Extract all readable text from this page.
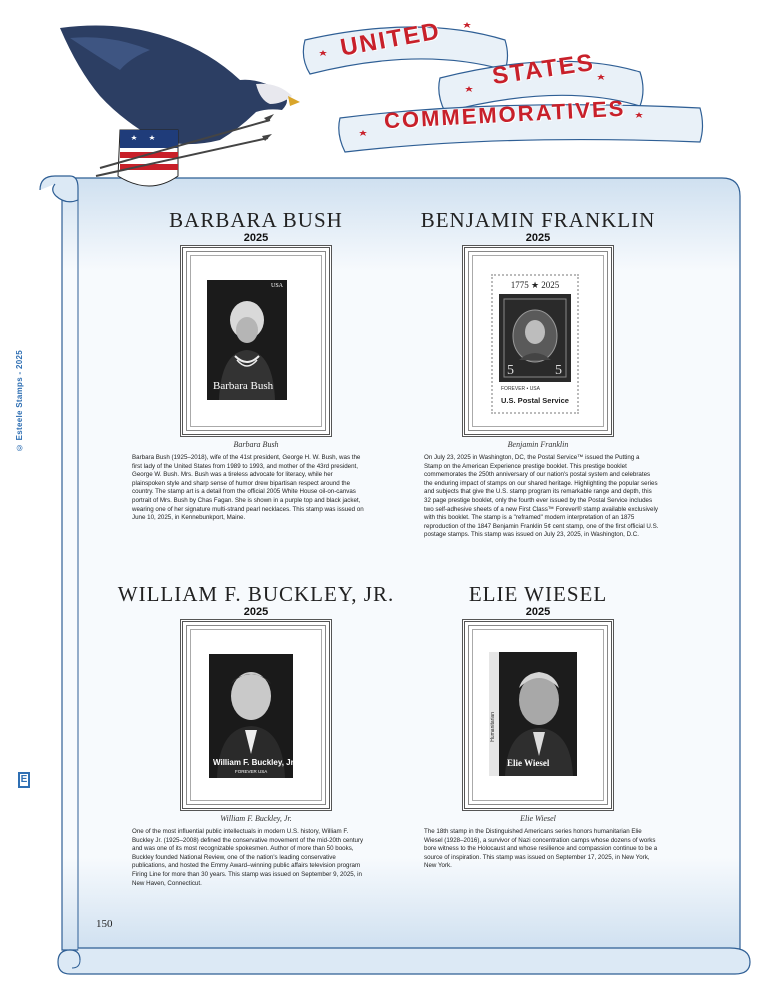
UNITED
STATES
COMMEMORATIVES
© Esteele Stamps - 2025
E
BARBARA BUSH
2025
Barbara Bush
USA
Barbara Bush
Barbara Bush (1925–2018), wife of the 41st president, George H. W. Bush, was the first lady of the United States from 1989 to 1993, and mother of the 43rd president, George W. Bush. Mrs. Bush was a tireless advocate for literacy, while her plainspoken style and sharp sense of humor drew bipartisan respect around the country. The stamp art is a detail from the official 2005 White House oil-on-canvas portrait of Mrs. Bush by Chas Fagan. She is shown in a purple top and black jacket, wearing one of her signature multi-strand pearl necklaces. This stamp was issued on June 10, 2025, in Kennebunkport, Maine.
BENJAMIN FRANKLIN
2025
1775 ★ 2025
5	5
FOREVER • USA
U.S. Postal Service
Benjamin Franklin
On July 23, 2025 in Washington, DC, the Postal Service™ issued the Putting a Stamp on the American Experience prestige booklet. This prestige booklet commemorates the 250th anniversary of our nation's postal system and celebrates the enduring impact of stamps on our shared heritage. Highlighting the popular series and subjects that give the U.S. stamp program its remarkable range and depth, this 32 page prestige booklet, only the fourth ever issued by the Postal Service includes two self-adhesive sheets of a new First Class™ Forever® stamp available exclusively with this booklet. The stamp is a "reframed" modern interpretation of an 1875 reproduction of the 1847 Benjamin Franklin 5¢ cent stamp, one of the first official U.S. postage stamps. This stamp was issued on July 23, 2025, in Washington, D.C.
WILLIAM F. BUCKLEY, JR.
2025
William F. Buckley, Jr.
FOREVER USA
William F. Buckley, Jr.
One of the most influential public intellectuals in modern U.S. history, William F. Buckley Jr. (1925–2008) defined the conservative movement of the mid-20th century and was one of its most recognizable spokesmen. Author of more than 50 books, Buckley founded National Review, one of the nation's leading conservative publications, and hosted the Emmy Award–winning public affairs television program Firing Line for more than 30 years. This stamp was issued on September 9, 2025, in New Haven, Connecticut.
ELIE WIESEL
2025
Elie Wiesel
Humanitarian
Elie Wiesel
The 18th stamp in the Distinguished Americans series honors humanitarian Elie Wiesel (1928–2016), a survivor of Nazi concentration camps whose dozens of works bore witness to the Holocaust and whose resilience and compassion continue to be a source of inspiration. This stamp was issued on September 17, 2025, in New York, New York.
150
